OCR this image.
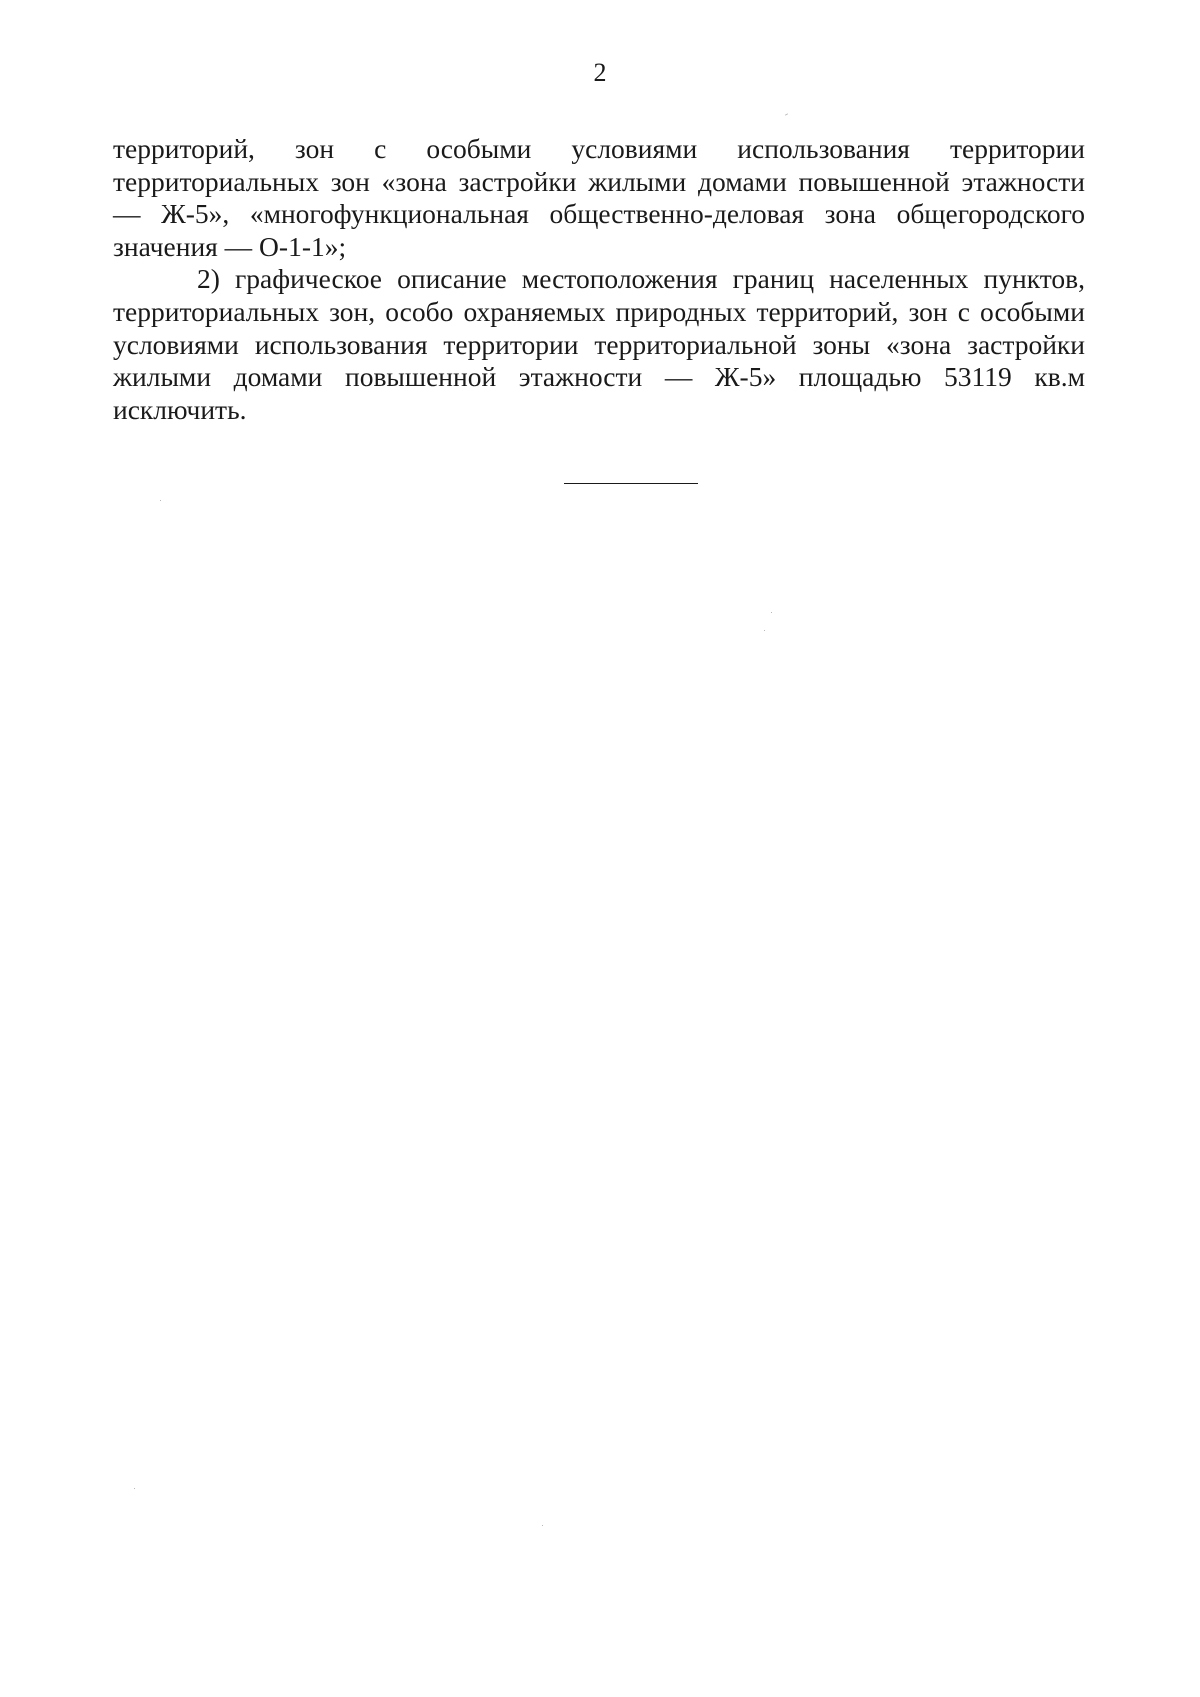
2

территорий, зон с особыми условиями использования территории территориальных зон «зона застройки жилыми домами повышенной этажности — Ж-5», «многофункциональная общественно-деловая зона общегородского значения — О-1-1»;

2) графическое описание местоположения границ населенных пунктов, территориальных зон, особо охраняемых природных территорий, зон с особыми условиями использования территории территориальной зоны «зона застройки жилыми домами повышенной этажности — Ж-5» площадью 53119 кв.м исключить.
